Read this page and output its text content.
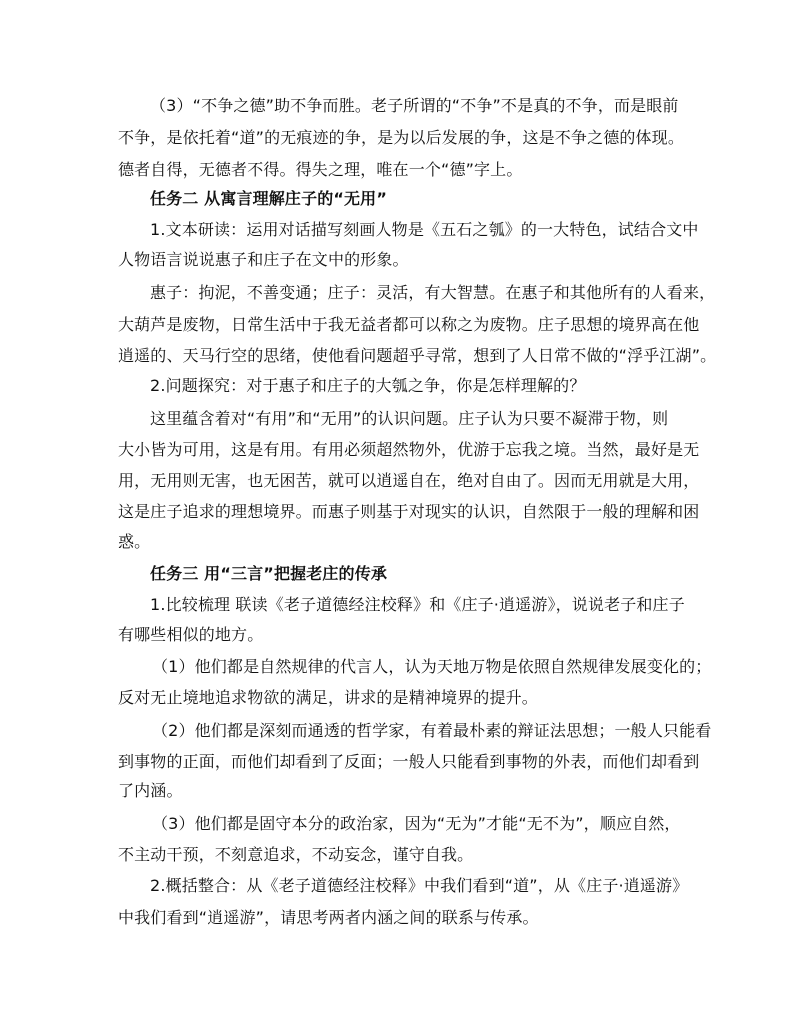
（3）“不争之德”助不争而胜。老子所谓的“不争”不是真的不争，而是眼前
不争，是依托着“道”的无痕迹的争，是为以后发展的争，这是不争之德的体现。
德者自得，无德者不得。得失之理，唯在一个“德”字上。
任务二 从寓言理解庄子的“无用”
1.文本研读：运用对话描写刻画人物是《五石之瓠》的一大特色，试结合文中
人物语言说说惠子和庄子在文中的形象。
惠子：拘泥，不善变通；庄子：灵活，有大智慧。在惠子和其他所有的人看来，
大葫芦是废物，日常生活中于我无益者都可以称之为废物。庄子思想的境界高在他
逍遥的、天马行空的思绪，使他看问题超乎寻常，想到了人日常不做的“浮乎江湖”。
2.问题探究：对于惠子和庄子的大瓠之争，你是怎样理解的？
这里蕴含着对“有用”和“无用”的认识问题。庄子认为只要不凝滞于物，则
大小皆为可用，这是有用。有用必须超然物外，优游于忘我之境。当然，最好是无
用，无用则无害，也无困苦，就可以逍遥自在，绝对自由了。因而无用就是大用，
这是庄子追求的理想境界。而惠子则基于对现实的认识，自然限于一般的理解和困
惑。
任务三 用“三言”把握老庄的传承
1.比较梳理 联读《老子道德经注校释》和《庄子·逍遥游》，说说老子和庄子
有哪些相似的地方。
（1）他们都是自然规律的代言人，认为天地万物是依照自然规律发展变化的；
反对无止境地追求物欲的满足，讲求的是精神境界的提升。
（2）他们都是深刻而通透的哲学家，有着最朴素的辩证法思想；一般人只能看
到事物的正面，而他们却看到了反面；一般人只能看到事物的外表，而他们却看到
了内涵。
（3）他们都是固守本分的政治家，因为“无为”才能“无不为”，顺应自然，
不主动干预，不刻意追求，不动妄念，谨守自我。
2.概括整合：从《老子道德经注校释》中我们看到“道”，从《庄子·逍遥游》
中我们看到“逍遥游”，请思考两者内涵之间的联系与传承。
